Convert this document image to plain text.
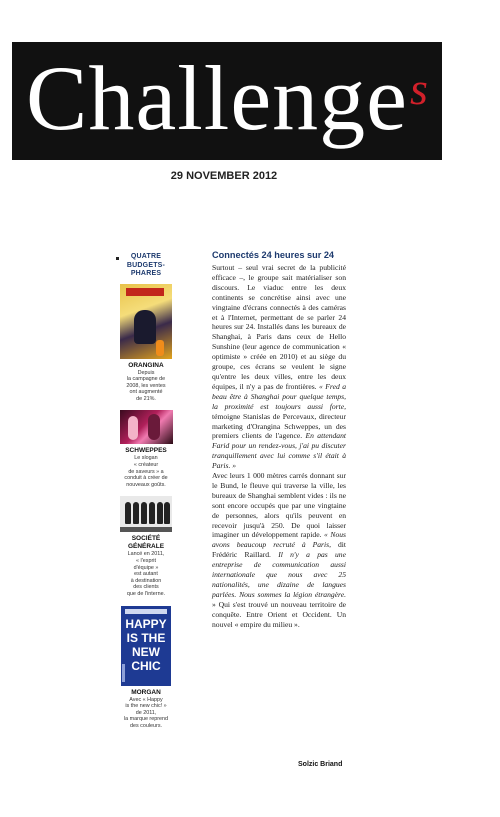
Challenge s
29 NOVEMBER 2012
QUATRE
BUDGETS-
PHARES
ORANGINA
Depuis
la campagne de
2008, les ventes
ont augmenté
de 21%.
SCHWEPPES
Le slogan
« créateur
de saveurs » a
conduit à créer de
nouveaux goûts.
SOCIÉTÉ
GÉNÉRALE
Lancé en 2011,
« l'esprit
d'équipe »
est autant
à destination
des clients
que de l'interne.
HAPPY
IS THE
NEW
CHIC
MORGAN
Avec « Happy
is the new chic! »
de 2011,
la marque reprend
des couleurs.
Connectés 24 heures sur 24

Surtout – seul vrai secret de la publicité efficace –, le groupe sait matérialiser son discours. Le viaduc entre les deux continents se concrétise ainsi avec une vingtaine d'écrans connectés à des caméras et à l'Internet, permettant de se parler 24 heures sur 24. Installés dans les bureaux de Shanghai, à Paris dans ceux de Hello Sunshine (leur agence de communication « optimiste » créée en 2010) et au siège du groupe, ces écrans se veulent le signe qu'entre les deux villes, entre les deux équipes, il n'y a pas de frontières. « Fred a beau être à Shanghai pour quelque temps, la proximité est toujours aussi forte, témoigne Stanislas de Percevaux, directeur marketing d'Orangina Schweppes, un des premiers clients de l'agence. En attendant Farid pour un rendez-vous, j'ai pu discuter tranquillement avec lui comme s'il était à Paris. »

Avec leurs 1 000 mètres carrés donnant sur le Bund, le fleuve qui traverse la ville, les bureaux de Shanghai semblent vides : ils ne sont encore occupés que par une vingtaine de personnes, alors qu'ils peuvent en recevoir jusqu'à 250. De quoi laisser imaginer un développement rapide. « Nous avons beaucoup recruté à Paris, dit Frédéric Raillard. Il n'y a pas une entreprise de communication aussi internationale que nous avec 25 nationalités, une dizaine de langues parlées. Nous sommes la légion étrangère. » Qui s'est trouvé un nouveau territoire de conquête. Entre Orient et Occident. Un nouvel « empire du milieu ».

Solzic Briand
